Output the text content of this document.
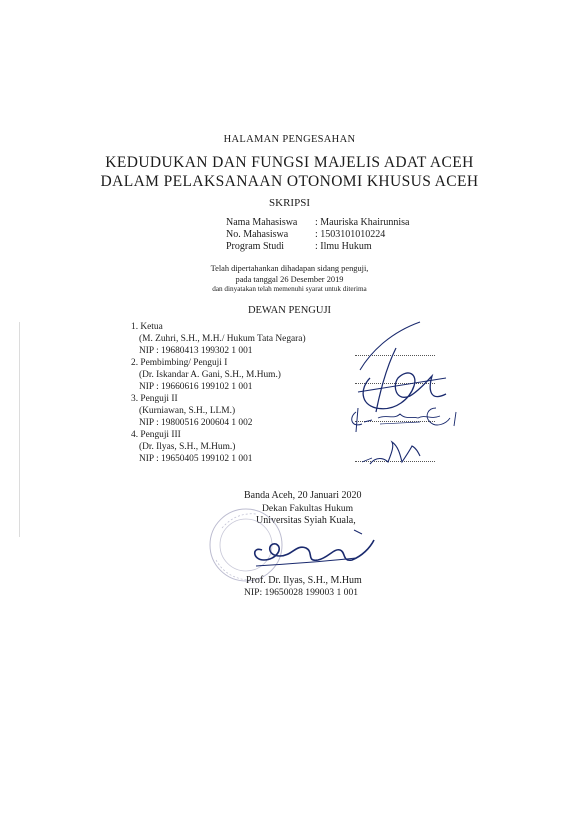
HALAMAN PENGESAHAN
KEDUDUKAN DAN FUNGSI MAJELIS ADAT ACEH
DALAM PELAKSANAAN OTONOMI KHUSUS ACEH
SKRIPSI
Nama Mahasiswa : Mauriska Khairunnisa
No. Mahasiswa	: 1503101010224
Program Studi	: Ilmu Hukum
Telah dipertahankan dihadapan sidang penguji,
pada tanggal 26 Desember 2019
dan dinyatakan telah memenuhi syarat untuk diterima
DEWAN PENGUJI
1. Ketua
(M. Zuhri, S.H., M.H./ Hukum Tata Negara)
NIP : 19680413 199302 1 001
2. Pembimbing/ Penguji I
(Dr. Iskandar A. Gani, S.H., M.Hum.)
NIP : 19660616 199102 1 001
3. Penguji II
(Kurniawan, S.H., LLM.)
NIP : 19800516 200604 1 002
4. Penguji III
(Dr. Ilyas, S.H., M.Hum.)
NIP : 19650405 199102 1 001
Banda Aceh, 20 Januari 2020
Dekan Fakultas Hukum
Universitas Syiah Kuala,
Prof. Dr. Ilyas, S.H., M.Hum
NIP: 19650028 199003 1 001
